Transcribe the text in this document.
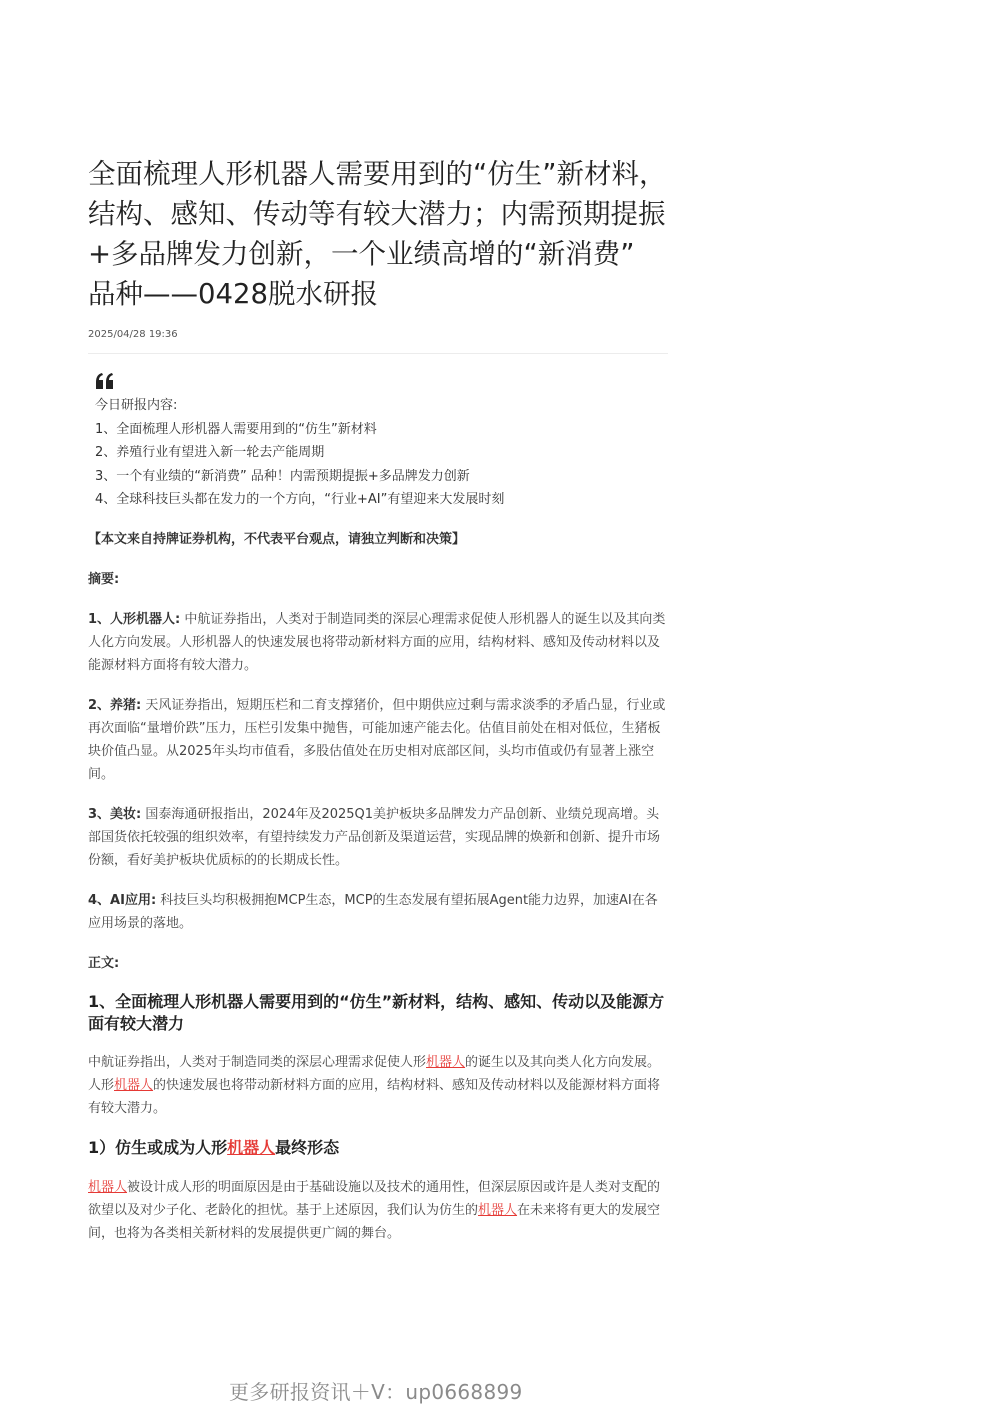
全面梳理人形机器人需要用到的“仿生”新材料，结构、感知、传动等有较大潜力；内需预期提振+多品牌发力创新，一个业绩高增的“新消费” 品种——0428脱水研报
2025/04/28 19:36
今日研报内容:
1、全面梳理人形机器人需要用到的“仿生”新材料
2、养殖行业有望进入新一轮去产能周期
3、一个有业绩的“新消费” 品种！内需预期提振+多品牌发力创新
4、全球科技巨头都在发力的一个方向，“行业+AI”有望迎来大发展时刻

【本文来自持牌证券机构，不代表平台观点，请独立判断和决策】

摘要:

1、人形机器人: 中航证券指出，人类对于制造同类的深层心理需求促使人形机器人的诞生以及其向类人化方向发展。人形机器人的快速发展也将带动新材料方面的应用，结构材料、感知及传动材料以及能源材料方面将有较大潜力。

2、养猪: 天风证券指出，短期压栏和二育支撑猪价，但中期供应过剩与需求淡季的矛盾凸显，行业或再次面临“量增价跌”压力，压栏引发集中抛售，可能加速产能去化。估值目前处在相对低位，生猪板块价值凸显。从2025年头均市值看，多股估值处在历史相对底部区间，头均市值或仍有显著上涨空间。

3、美妆: 国泰海通研报指出，2024年及2025Q1美护板块多品牌发力产品创新、业绩兑现高增。头部国货依托较强的组织效率，有望持续发力产品创新及渠道运营，实现品牌的焕新和创新、提升市场份额，看好美护板块优质标的的长期成长性。

4、AI应用: 科技巨头均积极拥抱MCP生态，MCP的生态发展有望拓展Agent能力边界，加速AI在各应用场景的落地。

正文:

1、全面梳理人形机器人需要用到的“仿生”新材料，结构、感知、传动以及能源方面有较大潜力

中航证券指出，人类对于制造同类的深层心理需求促使人形机器人的诞生以及其向类人化方向发展。人形机器人的快速发展也将带动新材料方面的应用，结构材料、感知及传动材料以及能源材料方面将有较大潜力。

1）仿生或成为人形机器人最终形态

机器人被设计成人形的明面原因是由于基础设施以及技术的通用性，但深层原因或许是人类对支配的欲望以及对少子化、老龄化的担忧。基于上述原因，我们认为仿生的机器人在未来将有更大的发展空间，也将为各类相关新材料的发展提供更广阔的舞台。

更多研报资讯＋V：up0668899
